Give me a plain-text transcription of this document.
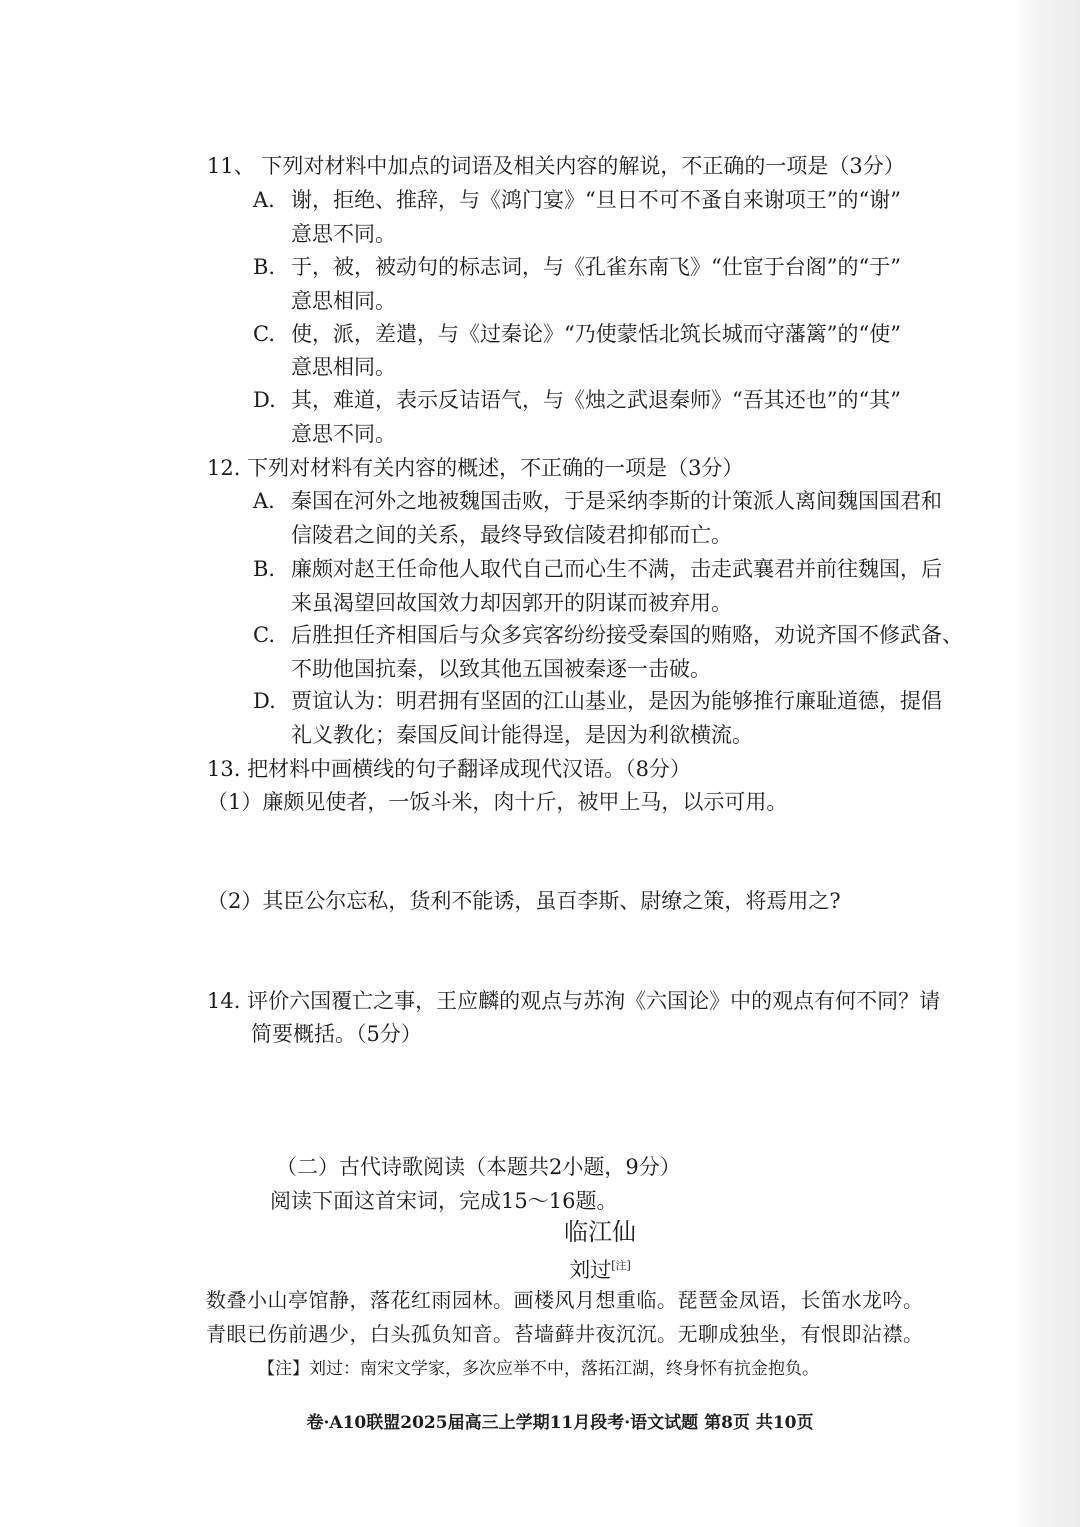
11、 下列对材料中加点的词语及相关内容的解说，不正确的一项是（3分）
A. 谢，拒绝、推辞，与《鸿门宴》“旦日不可不蚤自来谢项王”的“谢”
意思不同。
B. 于，被，被动句的标志词，与《孔雀东南飞》“仕宦于台阁”的“于”
意思相同。
C. 使，派，差遣，与《过秦论》“乃使蒙恬北筑长城而守藩篱”的“使”
意思相同。
D. 其，难道，表示反诘语气，与《烛之武退秦师》“吾其还也”的“其”
意思不同。
12. 下列对材料有关内容的概述，不正确的一项是（3分）
A. 秦国在河外之地被魏国击败，于是采纳李斯的计策派人离间魏国国君和
信陵君之间的关系，最终导致信陵君抑郁而亡。
B. 廉颇对赵王任命他人取代自己而心生不满，击走武襄君并前往魏国，后
来虽渴望回故国效力却因郭开的阴谋而被弃用。
C. 后胜担任齐相国后与众多宾客纷纷接受秦国的贿赂，劝说齐国不修武备、
不助他国抗秦，以致其他五国被秦逐一击破。
D. 贾谊认为：明君拥有坚固的江山基业，是因为能够推行廉耻道德，提倡
礼义教化；秦国反间计能得逞，是因为利欲横流。
13. 把材料中画横线的句子翻译成现代汉语。（8分）
（1）廉颇见使者，一饭斗米，肉十斤，被甲上马，以示可用。
（2）其臣公尔忘私，货利不能诱，虽百李斯、尉缭之策，将焉用之?
14. 评价六国覆亡之事，王应麟的观点与苏洵《六国论》中的观点有何不同？请
简要概括。（5分）
（二）古代诗歌阅读（本题共2小题，9分）
阅读下面这首宋词，完成15～16题。
临江仙
刘过[注]
数叠小山亭馆静，落花红雨园林。画楼风月想重临。琵琶金凤语，长笛水龙吟。
青眼已伤前遇少，白头孤负知音。苔墙藓井夜沉沉。无聊成独坐，有恨即沾襟。
【注】刘过：南宋文学家，多次应举不中，落拓江湖，终身怀有抗金抱负。
卷·A10联盟2025届高三上学期11月段考·语文试题 第8页 共10页
